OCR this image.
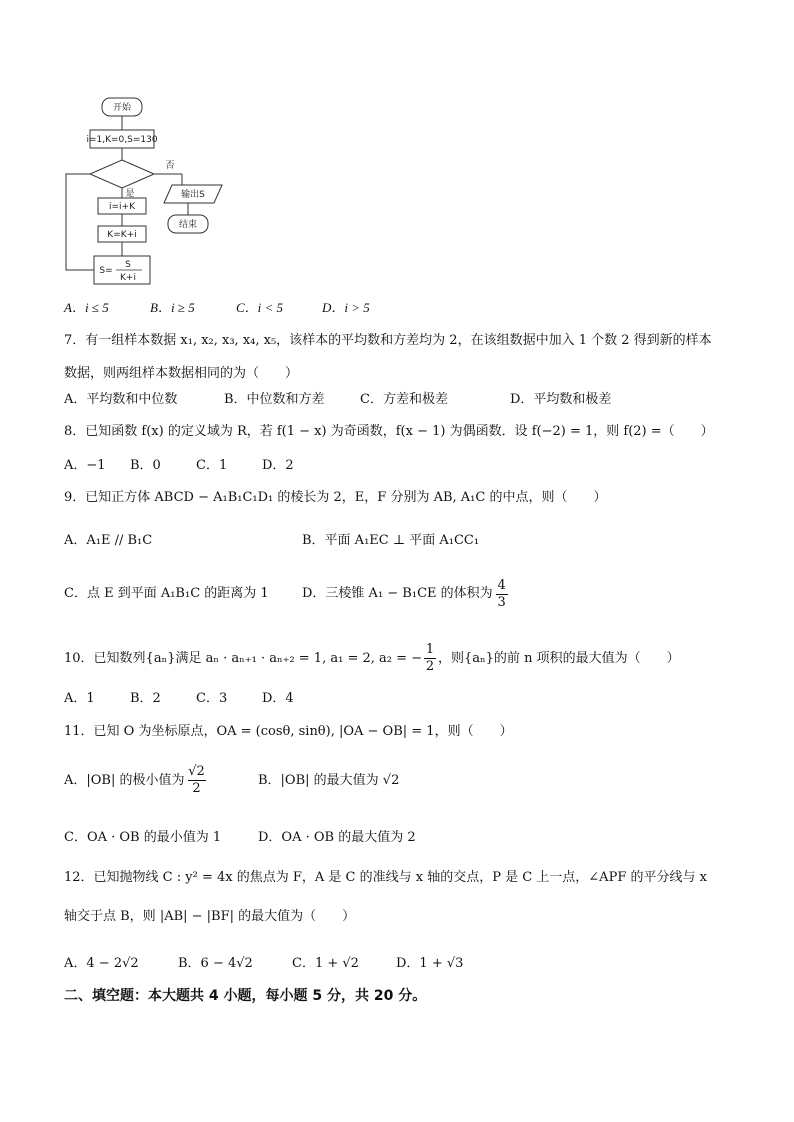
开始
i=1,K=0,S=130
否
是	输出S
结束
i=i+K
K=K+i
S=
S
K+i
A．i ≤ 5	B．i ≥ 5	C．i < 5	D．i > 5
7．有一组样本数据 x₁, x₂, x₃, x₄, x₅，该样本的平均数和方差均为 2，在该组数据中加入 1 个数 2 得到新的样本
数据，则两组样本数据相同的为（　　）
A．平均数和中位数	B．中位数和方差	C．方差和极差	D．平均数和极差
8．已知函数 f(x) 的定义域为 R，若 f(1 − x) 为奇函数，f(x − 1) 为偶函数．设 f(−2) = 1，则 f(2) =（　　）
A．−1	B．0	C．1	D．2
9．已知正方体 ABCD − A₁B₁C₁D₁ 的棱长为 2，E，F 分别为 AB, A₁C 的中点，则（　　）
A．A₁E // B₁C	B．平面 A₁EC ⊥ 平面 A₁CC₁
C．点 E 到平面 A₁B₁C 的距离为 1	D．三棱锥 A₁ − B₁CE 的体积为
4
3
10．已知数列{aₙ}满足 aₙ · aₙ₊₁ · aₙ₊₂ = 1, a₁ = 2, a₂ = −
1
2
，则{aₙ}的前 n 项积的最大值为（　　）
A．1	B．2	C．3	D．4
11．已知 O 为坐标原点，OA = (cosθ, sinθ), |OA − OB| = 1，则（　　）
A．|OB| 的极小值为
√2
2
B．|OB| 的最大值为 √2
C．OA · OB 的最小值为 1	D．OA · OB 的最大值为 2
12．已知抛物线 C : y² = 4x 的焦点为 F，A 是 C 的准线与 x 轴的交点，P 是 C 上一点，∠APF 的平分线与 x
轴交于点 B，则 |AB| − |BF| 的最大值为（　　）
A．4 − 2√2	B．6 − 4√2	C．1 + √2	D．1 + √3
二、填空题：本大题共 4 小题，每小题 5 分，共 20 分。
